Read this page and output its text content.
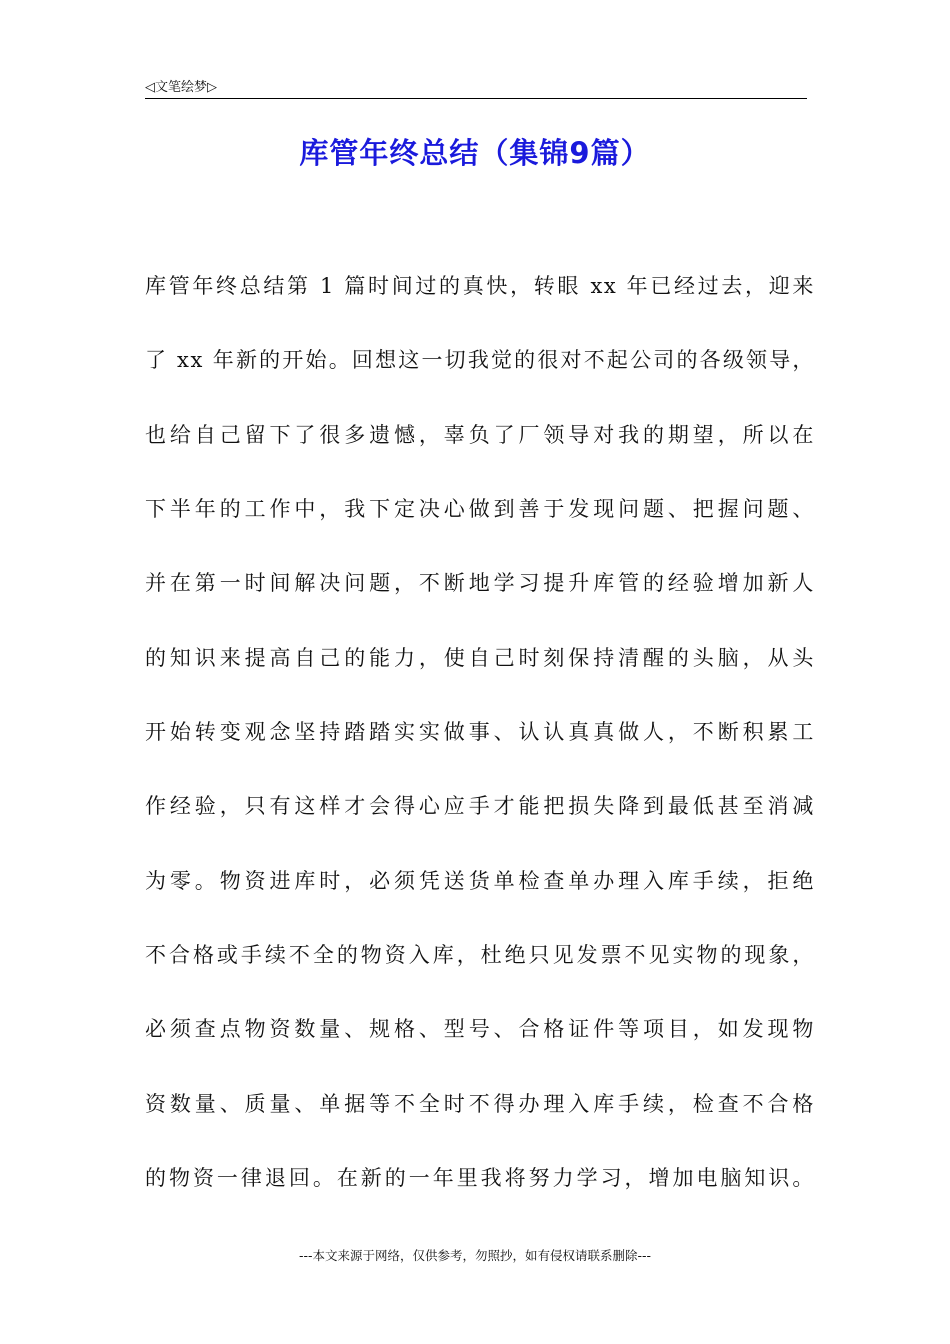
◁文笔绘梦▷
库管年终总结（集锦9篇）
库管年终总结第 1 篇时间过的真快，转眼 xx 年已经过去，迎来
了 xx 年新的开始。回想这一切我觉的很对不起公司的各级领导，
也给自己留下了很多遗憾，辜负了厂领导对我的期望，所以在
下半年的工作中，我下定决心做到善于发现问题、把握问题、
并在第一时间解决问题，不断地学习提升库管的经验增加新人
的知识来提高自己的能力，使自己时刻保持清醒的头脑，从头
开始转变观念坚持踏踏实实做事、认认真真做人，不断积累工
作经验，只有这样才会得心应手才能把损失降到最低甚至消减
为零。物资进库时，必须凭送货单检查单办理入库手续，拒绝
不合格或手续不全的物资入库，杜绝只见发票不见实物的现象，
必须查点物资数量、规格、型号、合格证件等项目，如发现物
资数量、质量、单据等不全时不得办理入库手续，检查不合格
的物资一律退回。在新的一年里我将努力学习，增加电脑知识。
---本文来源于网络，仅供参考，勿照抄，如有侵权请联系删除---
